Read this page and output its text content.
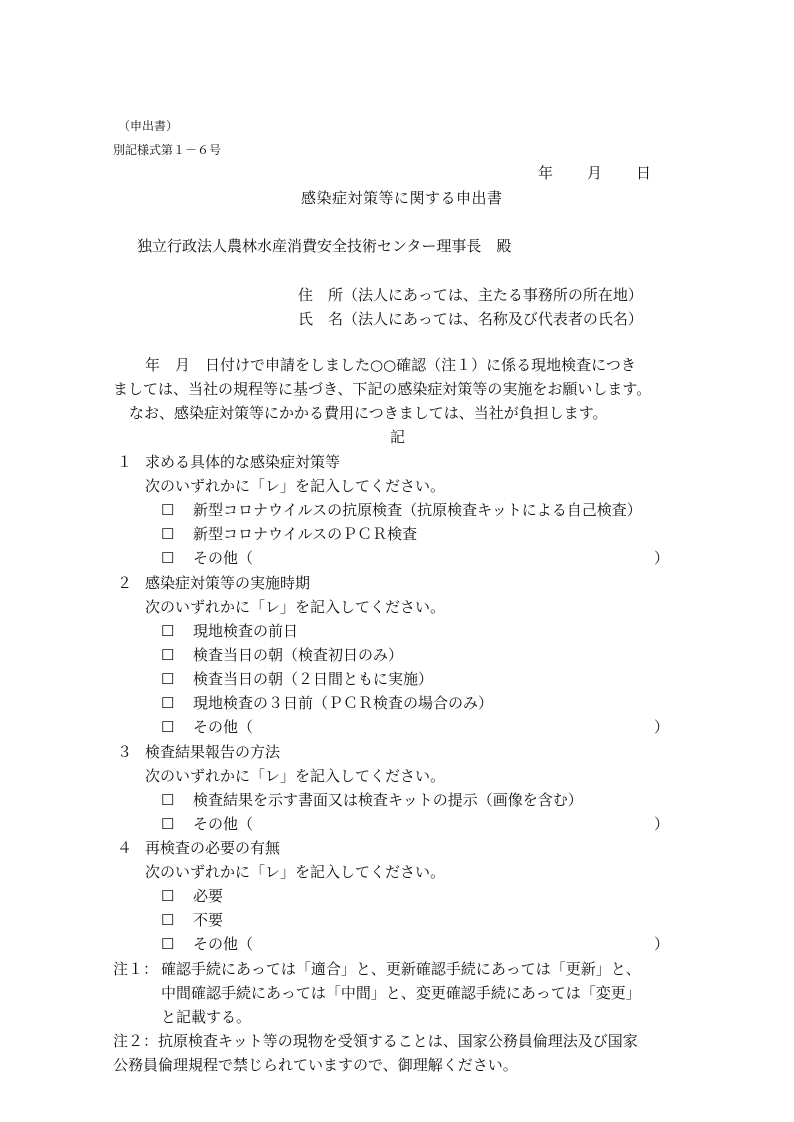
（申出書）
別記様式第１－６号
年 月 日
感染症対策等に関する申出書
独立行政法人農林水産消費安全技術センター理事長　殿
住　所（法人にあっては、主たる事務所の所在地）
氏　名（法人にあっては、名称及び代表者の氏名）
年　月　日付けで申請をしました○○確認（注１）に係る現地検査につき
ましては、当社の規程等に基づき、下記の感染症対策等の実施をお願いします。
なお、感染症対策等にかかる費用につきましては、当社が負担します。
記
１ 求める具体的な感染症対策等
次のいずれかに「レ」を記入してください。
☐ 新型コロナウイルスの抗原検査（抗原検査キットによる自己検査）
☐ 新型コロナウイルスのＰＣＲ検査
☐ その他（	）
２ 感染症対策等の実施時期
次のいずれかに「レ」を記入してください。
☐ 現地検査の前日
☐ 検査当日の朝（検査初日のみ）
☐ 検査当日の朝（２日間ともに実施）
☐ 現地検査の３日前（ＰＣＲ検査の場合のみ）
☐ その他（	）
３ 検査結果報告の方法
次のいずれかに「レ」を記入してください。
☐ 検査結果を示す書面又は検査キットの提示（画像を含む）
☐ その他（	）
４ 再検査の必要の有無
次のいずれかに「レ」を記入してください。
☐ 必要
☐ 不要
☐ その他（	）
注１： 確認手続にあっては「適合」と、更新確認手続にあっては「更新」と、
中間確認手続にあっては「中間」と、変更確認手続にあっては「変更」
と記載する。
注２：抗原検査キット等の現物を受領することは、国家公務員倫理法及び国家
公務員倫理規程で禁じられていますので、御理解ください。
